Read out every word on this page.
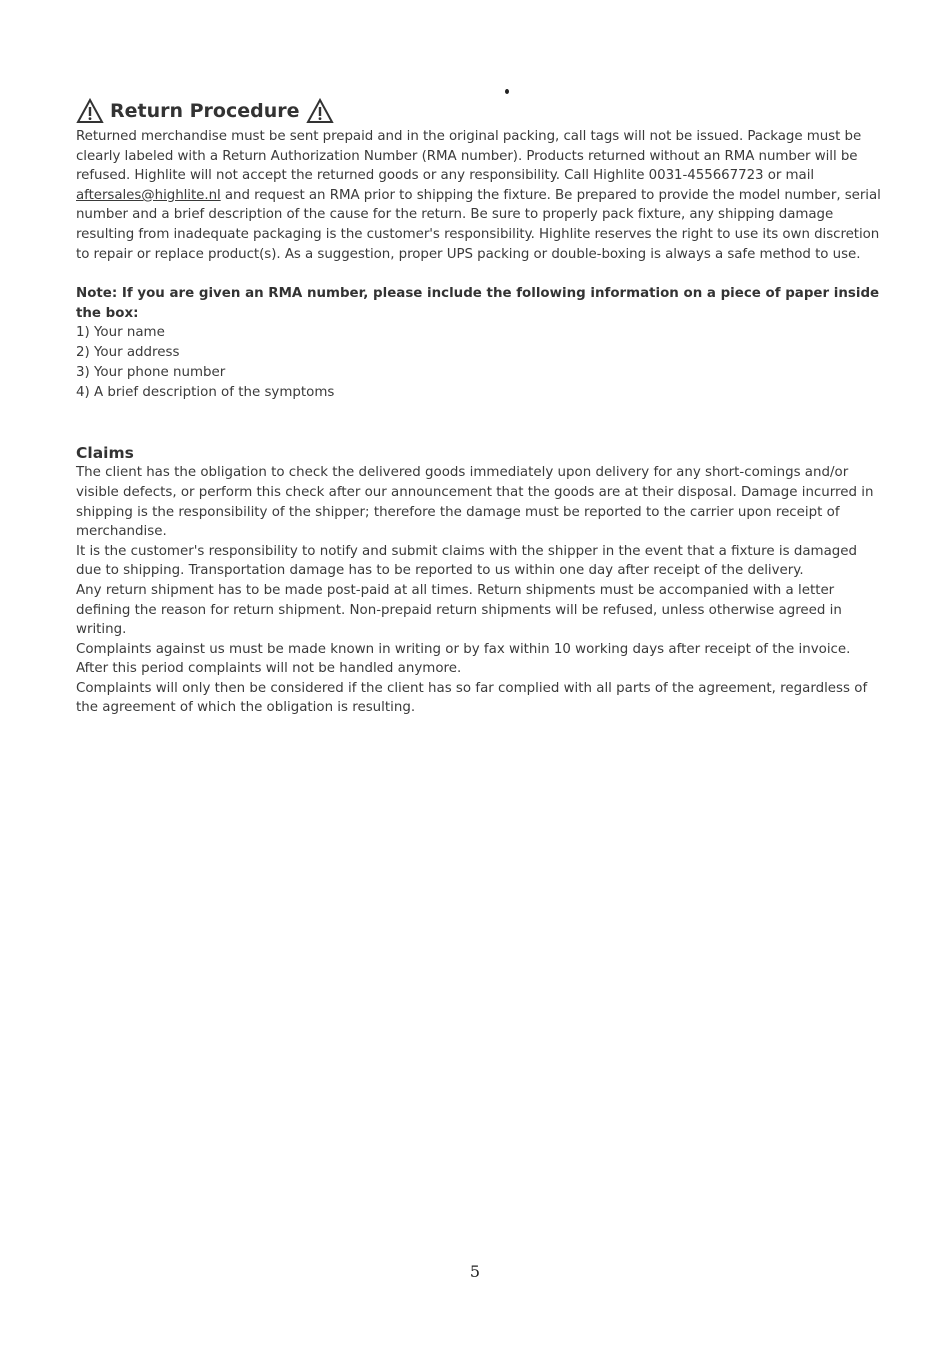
Return Procedure

Returned merchandise must be sent prepaid and in the original packing, call tags will not be issued. Package must be clearly labeled with a Return Authorization Number (RMA number). Products returned without an RMA number will be refused. Highlite will not accept the returned goods or any responsibility. Call Highlite 0031-455667723 or mail aftersales@highlite.nl and request an RMA prior to shipping the fixture. Be prepared to provide the model number, serial number and a brief description of the cause for the return. Be sure to properly pack fixture, any shipping damage resulting from inadequate packaging is the customer's responsibility. Highlite reserves the right to use its own discretion to repair or replace product(s). As a suggestion, proper UPS packing or double-boxing is always a safe method to use.

Note: If you are given an RMA number, please include the following information on a piece of paper inside the box:
1) Your name
2) Your address
3) Your phone number
4) A brief description of the symptoms
Claims

The client has the obligation to check the delivered goods immediately upon delivery for any short-comings and/or visible defects, or perform this check after our announcement that the goods are at their disposal. Damage incurred in shipping is the responsibility of the shipper; therefore the damage must be reported to the carrier upon receipt of merchandise.

It is the customer's responsibility to notify and submit claims with the shipper in the event that a fixture is damaged due to shipping. Transportation damage has to be reported to us within one day after receipt of the delivery.

Any return shipment has to be made post-paid at all times. Return shipments must be accompanied with a letter defining the reason for return shipment. Non-prepaid return shipments will be refused, unless otherwise agreed in writing.

Complaints against us must be made known in writing or by fax within 10 working days after receipt of the invoice. After this period complaints will not be handled anymore.

Complaints will only then be considered if the client has so far complied with all parts of the agreement, regardless of the agreement of which the obligation is resulting.

5
